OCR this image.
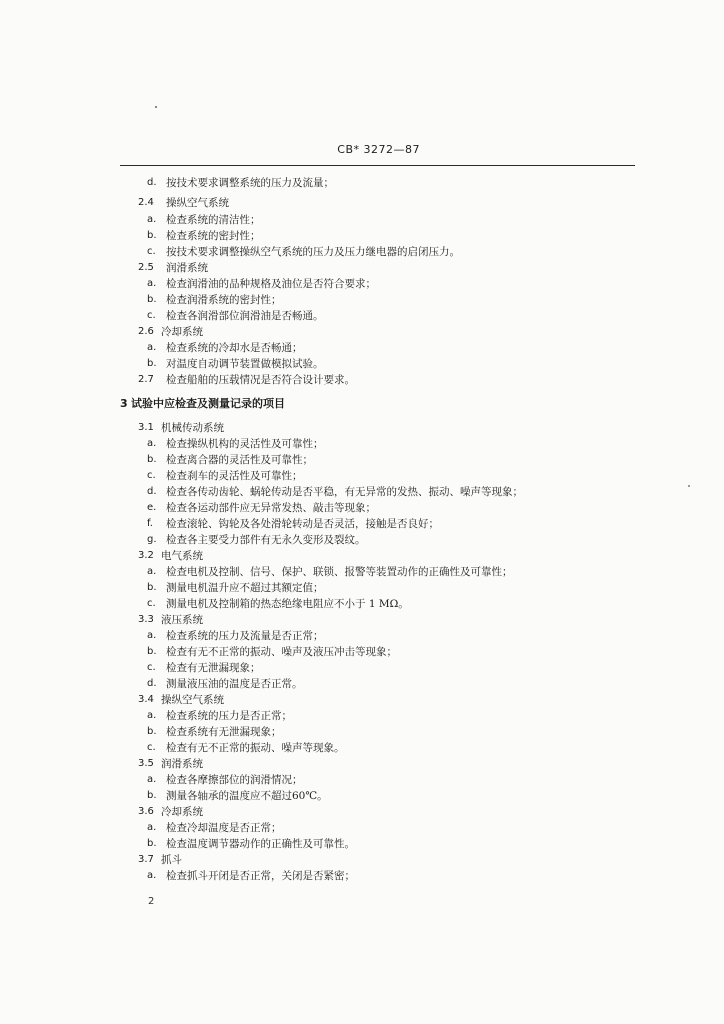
CB* 3272—87
d. 按技术要求调整系统的压力及流量；
2.4 操纵空气系统
a. 检查系统的清洁性；
b. 检查系统的密封性；
c. 按技术要求调整操纵空气系统的压力及压力继电器的启闭压力。
2.5 润滑系统
a. 检查润滑油的品种规格及油位是否符合要求；
b. 检查润滑系统的密封性；
c. 检查各润滑部位润滑油是否畅通。
2.6 冷却系统
a. 检查系统的冷却水是否畅通；
b. 对温度自动调节装置做模拟试验。
2.7 检查船舶的压载情况是否符合设计要求。
3 试验中应检查及测量记录的项目
3.1 机械传动系统
a. 检查操纵机构的灵活性及可靠性；
b. 检查离合器的灵活性及可靠性；
c. 检查刹车的灵活性及可靠性；
d. 检查各传动齿轮、蜗轮传动是否平稳，有无异常的发热、振动、噪声等现象；
e. 检查各运动部件应无异常发热、敲击等现象；
f. 检查滚轮、钩轮及各处滑轮转动是否灵活，接触是否良好；
g. 检查各主要受力部件有无永久变形及裂纹。
3.2 电气系统
a. 检查电机及控制、信号、保护、联锁、报警等装置动作的正确性及可靠性；
b. 测量电机温升应不超过其额定值；
c. 测量电机及控制箱的热态绝缘电阻应不小于 1 MΩ。
3.3 液压系统
a. 检查系统的压力及流量是否正常；
b. 检查有无不正常的振动、噪声及液压冲击等现象；
c. 检查有无泄漏现象；
d. 测量液压油的温度是否正常。
3.4 操纵空气系统
a. 检查系统的压力是否正常；
b. 检查系统有无泄漏现象；
c. 检查有无不正常的振动、噪声等现象。
3.5 润滑系统
a. 检查各摩擦部位的润滑情况；
b. 测量各轴承的温度应不超过60℃。
3.6 冷却系统
a. 检查冷却温度是否正常；
b. 检查温度调节器动作的正确性及可靠性。
3.7 抓斗
a. 检查抓斗开闭是否正常，关闭是否紧密；
2
